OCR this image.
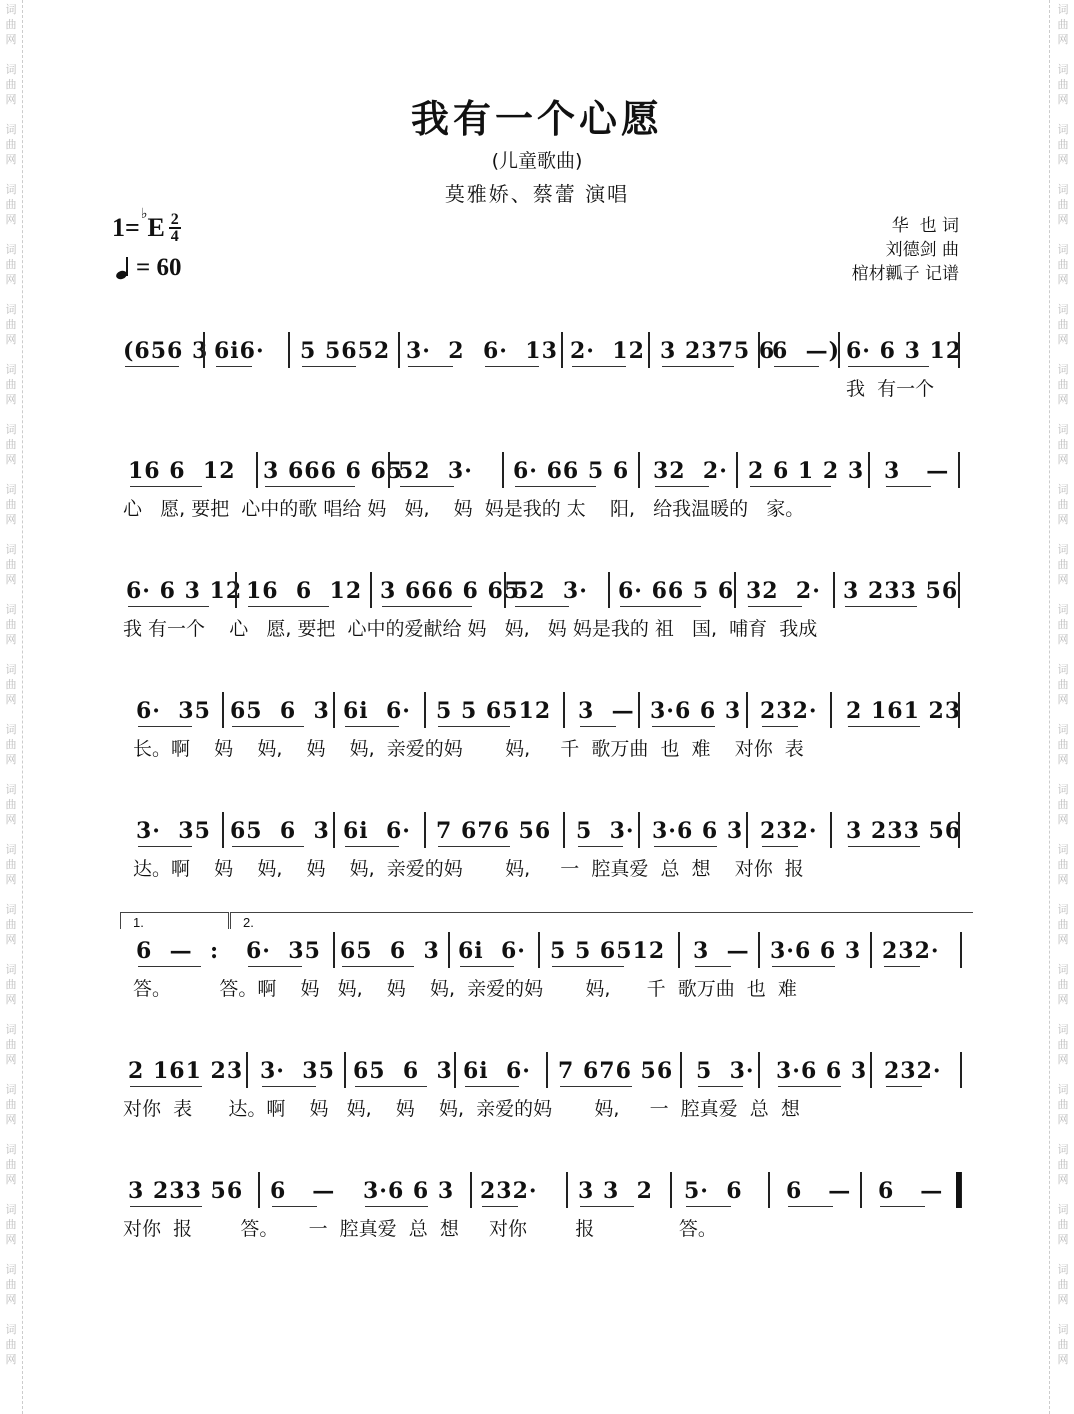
词
曲
网
词
曲
网
词
曲
网
词
曲
网
词
曲
网
词
曲
网
词
曲
网
词
曲
网
词
曲
网
词
曲
网
词
曲
网
词
曲
网
词
曲
网
词
曲
网
词
曲
网
词
曲
网
词
曲
网
词
曲
网
词
曲
网
词
曲
网
词
曲
网
词
曲
网
词
曲
网
词
曲
网
词
曲
网
词
曲
网
词
曲
网
词
曲
网
词
曲
网
词
曲
网
词
曲
网
词
曲
网
词
曲
网
词
曲
网
词
曲
网
词
曲
网
词
曲
网
词
曲
网
词
曲
网
词
曲
网
词
曲
网
词
曲
网
词
曲
网
词
曲
网
词
曲
网
词
曲
网
我有一个心愿
(儿童歌曲)
莫雅娇、蔡蕾 演唱
1= ♭ E 2
4
= 60
华  也 词
刘德剑 曲
棺材瓤子 记谱
(656 3 6i6· 5 5652 3·  2 6·  13 2·  12 3 2375 6
6  —) 6· 6 3 12
我  有一个
16 6  12 3 666 6 65
52  3· 6· 66 5 6 32  2· 2 6 1 2 3 3   —
心   愿, 要把  心中的歌 唱给 妈   妈,    妈  妈是我的 太    阳,   给我温暖的   家。
6· 6 3 12 16  6  12 3 666 6 65
52  3· 6· 66 5 6 32  2· 3 233 56
我 有一个    心   愿, 要把  心中的爱献给 妈   妈,   妈 妈是我的 祖   国,  哺育  我成
6·  35 65  6  3 6i  6· 5 5 6512 3  — 3·6 6 3 232· 2 161 23
长。啊    妈    妈,    妈    妈,  亲爱的妈       妈,     千  歌万曲  也  难    对你  表
3·  35 65  6  3 6i  6· 7 676 56 5  3· 3·6 6 3 232· 3 233 56
达。啊    妈    妈,    妈    妈,  亲爱的妈       妈,     一  腔真爱  总  想    对你  报
1.	2.
6  —  : 6·  35 65  6  3 6i  6· 5 5 6512 3  — 3·6 6 3 232·
答。        答。啊    妈   妈,    妈    妈,  亲爱的妈       妈,      千  歌万曲  也  难
2 161 23 3·  35 65  6  3 6i  6· 7 676 56 5  3· 3·6 6 3 232·
对你  表      达。啊    妈   妈,    妈    妈,  亲爱的妈       妈,     一  腔真爱  总  想
3 233 56 6   — 3·6 6 3 232· 3 3  2 5·  6 6   — 6   —
对你  报        答。     一  腔真爱  总  想     对你        报              答。
